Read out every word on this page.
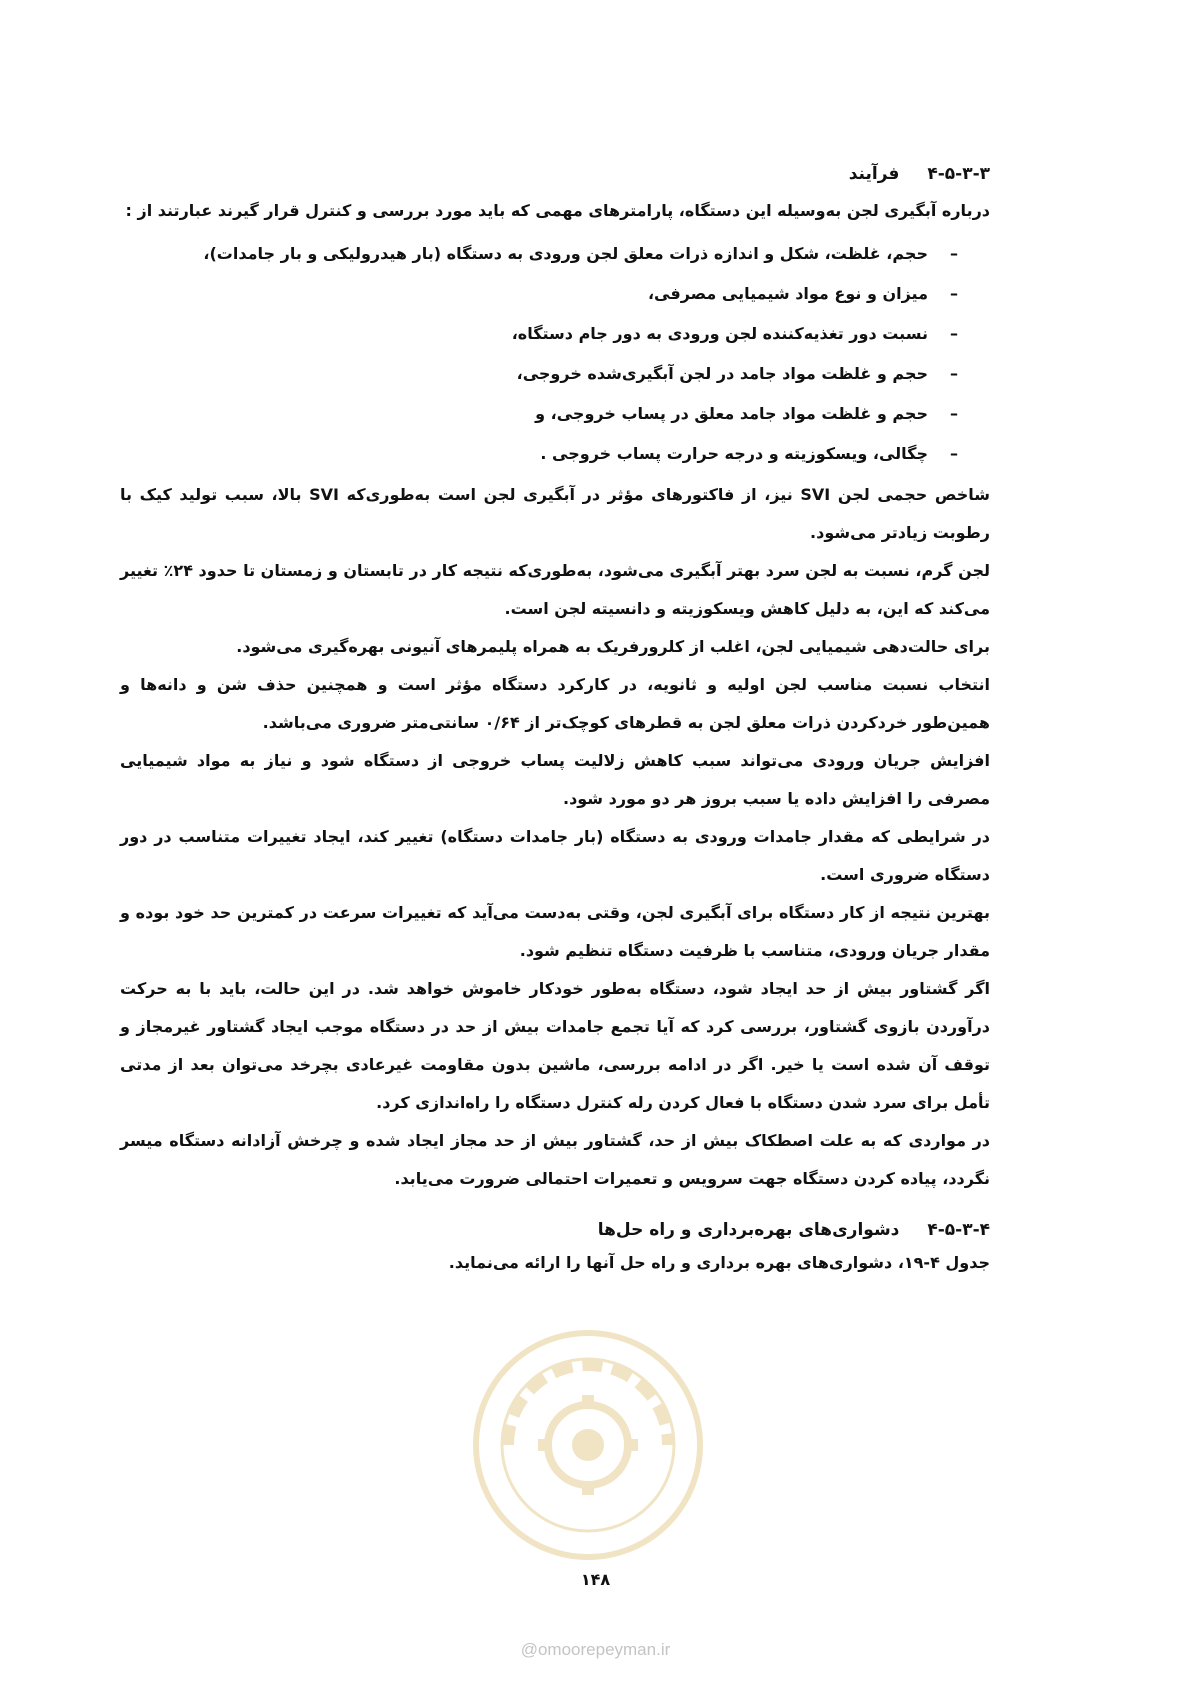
۴-۵-۳-۳ فرآیند

درباره آبگیری لجن به‌وسیله این دستگاه، پارامترهای مهمی که باید مورد بررسی و کنترل قرار گیرند عبارتند از :

– حجم، غلظت، شکل و اندازه ذرات معلق لجن ورودی به دستگاه (بار هیدرولیکی و بار جامدات)،
– میزان و نوع مواد شیمیایی مصرفی،
– نسبت دور تغذیه‌کننده لجن ورودی به دور جام دستگاه،
– حجم و غلظت مواد جامد در لجن آبگیری‌شده خروجی،
– حجم و غلظت مواد جامد معلق در پساب خروجی، و
– چگالی، ویسکوزیته و درجه حرارت پساب خروجی .

شاخص حجمی لجن SVI نیز، از فاکتورهای مؤثر در آبگیری لجن است به‌طوری‌که SVI بالا، سبب تولید کیک با رطوبت زیادتر می‌شود.

لجن گرم، نسبت به لجن سرد بهتر آبگیری می‌شود، به‌طوری‌که نتیجه کار در تابستان و زمستان تا حدود ۲۴٪ تغییر می‌کند که این، به دلیل کاهش ویسکوزیته و دانسیته لجن است.

برای حالت‌دهی شیمیایی لجن، اغلب از کلرورفریک به همراه پلیمرهای آنیونی بهره‌گیری می‌شود.

انتخاب نسبت مناسب لجن اولیه و ثانویه، در کارکرد دستگاه مؤثر است و همچنین حذف شن و دانه‌ها و همین‌طور خردکردن ذرات معلق لجن به قطرهای کوچک‌تر از ۰/۶۴ سانتی‌متر ضروری می‌باشد.

افزایش جریان ورودی می‌تواند سبب کاهش زلالیت پساب خروجی از دستگاه شود و نیاز به مواد شیمیایی مصرفی را افزایش داده یا سبب بروز هر دو مورد شود.

در شرایطی که مقدار جامدات ورودی به دستگاه (بار جامدات دستگاه) تغییر کند، ایجاد تغییرات متناسب در دور دستگاه ضروری است.

بهترین نتیجه از کار دستگاه برای آبگیری لجن، وقتی به‌دست می‌آید که تغییرات سرعت در کمترین حد خود بوده و مقدار جریان ورودی، متناسب با ظرفیت دستگاه تنظیم شود.

اگر گشتاور بیش از حد ایجاد شود، دستگاه به‌طور خودکار خاموش خواهد شد. در این حالت، باید با به حرکت درآوردن بازوی گشتاور، بررسی کرد که آیا تجمع جامدات بیش از حد در دستگاه موجب ایجاد گشتاور غیرمجاز و توقف آن شده است یا خیر. اگر در ادامه بررسی، ماشین بدون مقاومت غیرعادی بچرخد می‌توان بعد از مدتی تأمل برای سرد شدن دستگاه با فعال کردن رله کنترل دستگاه را راه‌اندازی کرد.

در مواردی که به علت اصطکاک بیش از حد، گشتاور بیش از حد مجاز ایجاد شده و چرخش آزادانه دستگاه میسر نگردد، پیاده کردن دستگاه جهت سرویس و تعمیرات احتمالی ضرورت می‌یابد.

۴-۵-۳-۴ دشواری‌های بهره‌برداری و راه حل‌ها

جدول ۴-۱۹، دشواری‌های بهره برداری و راه حل آنها را ارائه می‌نماید.

۱۴۸
@omoorepeyman.ir
